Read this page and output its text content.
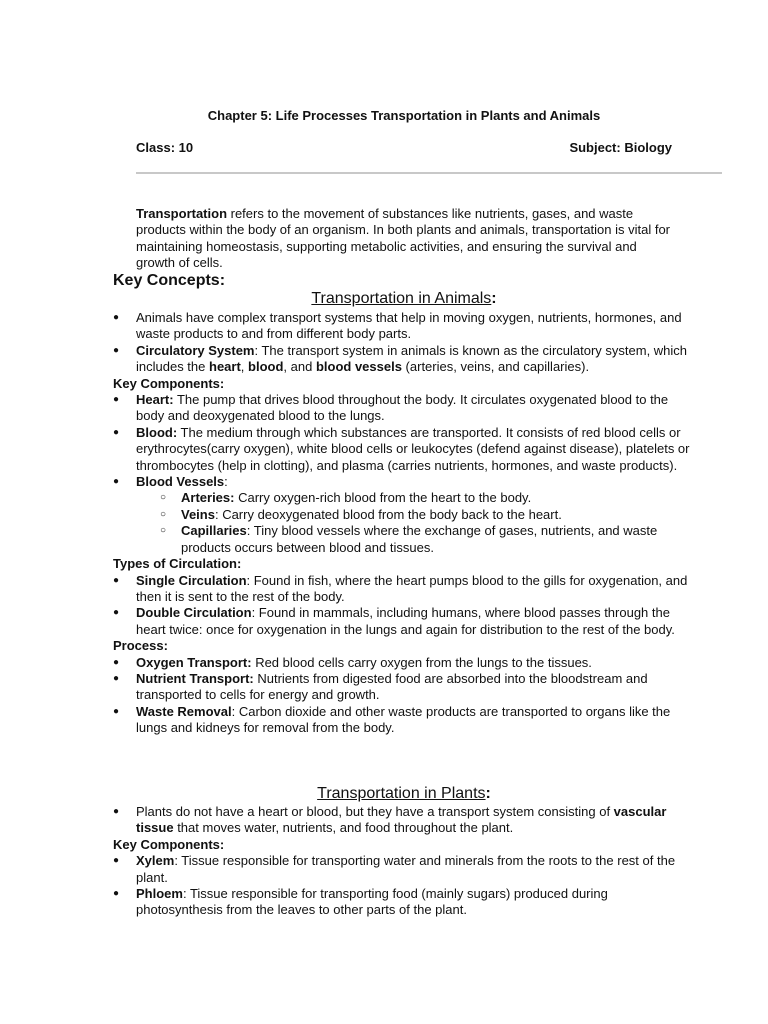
Chapter 5: Life Processes Transportation in Plants and Animals
Class: 10	Subject: Biology
Transportation refers to the movement of substances like nutrients, gases, and waste products within the body of an organism. In both plants and animals, transportation is vital for maintaining homeostasis, supporting metabolic activities, and ensuring the survival and growth of cells.
Key Concepts:
Transportation in Animals:
● Animals have complex transport systems that help in moving oxygen, nutrients, hormones, and waste products to and from different body parts.
● Circulatory System: The transport system in animals is known as the circulatory system, which includes the heart, blood, and blood vessels (arteries, veins, and capillaries).
Key Components:
● Heart: The pump that drives blood throughout the body. It circulates oxygenated blood to the body and deoxygenated blood to the lungs.
● Blood: The medium through which substances are transported. It consists of red blood cells or erythrocytes(carry oxygen), white blood cells or leukocytes (defend against disease), platelets or thrombocytes (help in clotting), and plasma (carries nutrients, hormones, and waste products).
● Blood Vessels:
○ Arteries: Carry oxygen-rich blood from the heart to the body.
○ Veins: Carry deoxygenated blood from the body back to the heart.
○ Capillaries: Tiny blood vessels where the exchange of gases, nutrients, and waste products occurs between blood and tissues.
Types of Circulation:
● Single Circulation: Found in fish, where the heart pumps blood to the gills for oxygenation, and then it is sent to the rest of the body.
● Double Circulation: Found in mammals, including humans, where blood passes through the heart twice: once for oxygenation in the lungs and again for distribution to the rest of the body.
Process:
● Oxygen Transport: Red blood cells carry oxygen from the lungs to the tissues.
● Nutrient Transport: Nutrients from digested food are absorbed into the bloodstream and transported to cells for energy and growth.
● Waste Removal: Carbon dioxide and other waste products are transported to organs like the lungs and kidneys for removal from the body.
Transportation in Plants:
● Plants do not have a heart or blood, but they have a transport system consisting of vascular tissue that moves water, nutrients, and food throughout the plant.
Key Components:
● Xylem: Tissue responsible for transporting water and minerals from the roots to the rest of the plant.
● Phloem: Tissue responsible for transporting food (mainly sugars) produced during photosynthesis from the leaves to other parts of the plant.
